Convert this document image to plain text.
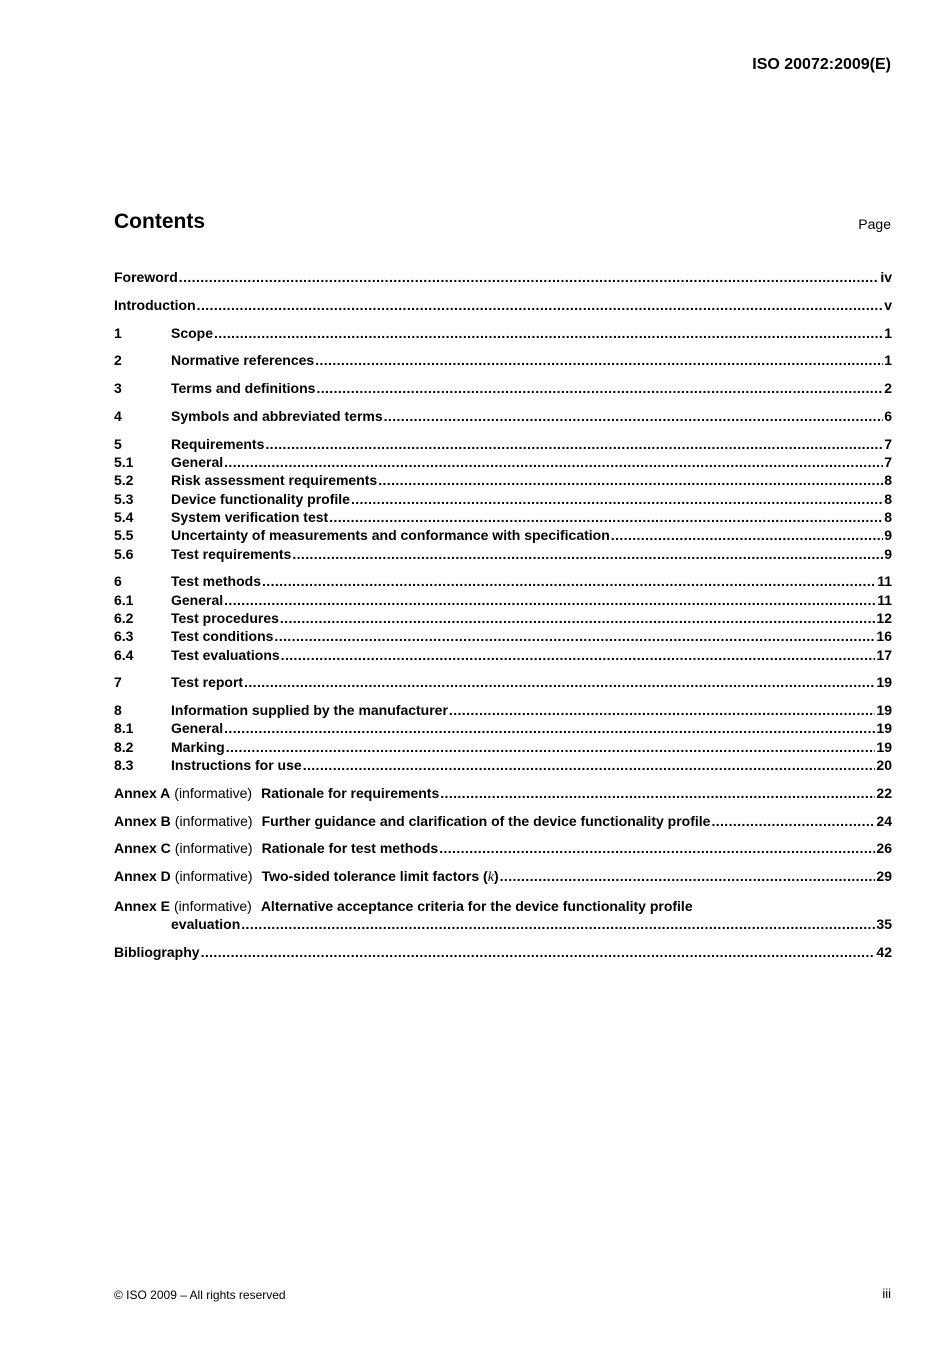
ISO 20072:2009(E)
Contents	Page
Foreword .....	iv
Introduction .....	v
1	Scope .....	1
2	Normative references .....	1
3	Terms and definitions .....	2
4	Symbols and abbreviated terms .....	6
5	Requirements .....	7
5.1	General .....	7
5.2	Risk assessment requirements .....	8
5.3	Device functionality profile .....	8
5.4	System verification test .....	8
5.5	Uncertainty of measurements and conformance with specification .....	9
5.6	Test requirements .....	9
6	Test methods .....	11
6.1	General .....	11
6.2	Test procedures .....	12
6.3	Test conditions .....	16
6.4	Test evaluations .....	17
7	Test report .....	19
8	Information supplied by the manufacturer .....	19
8.1	General .....	19
8.2	Marking .....	19
8.3	Instructions for use .....	20
Annex A (informative) Rationale for requirements .....	22
Annex B (informative) Further guidance and clarification of the device functionality profile .....	24
Annex C (informative) Rationale for test methods .....	26
Annex D (informative) Two-sided tolerance limit factors (k) .....	29
Annex E (informative) Alternative acceptance criteria for the device functionality profile
evaluation .....	35
Bibliography .....	42
© ISO 2009 – All rights reserved	iii
